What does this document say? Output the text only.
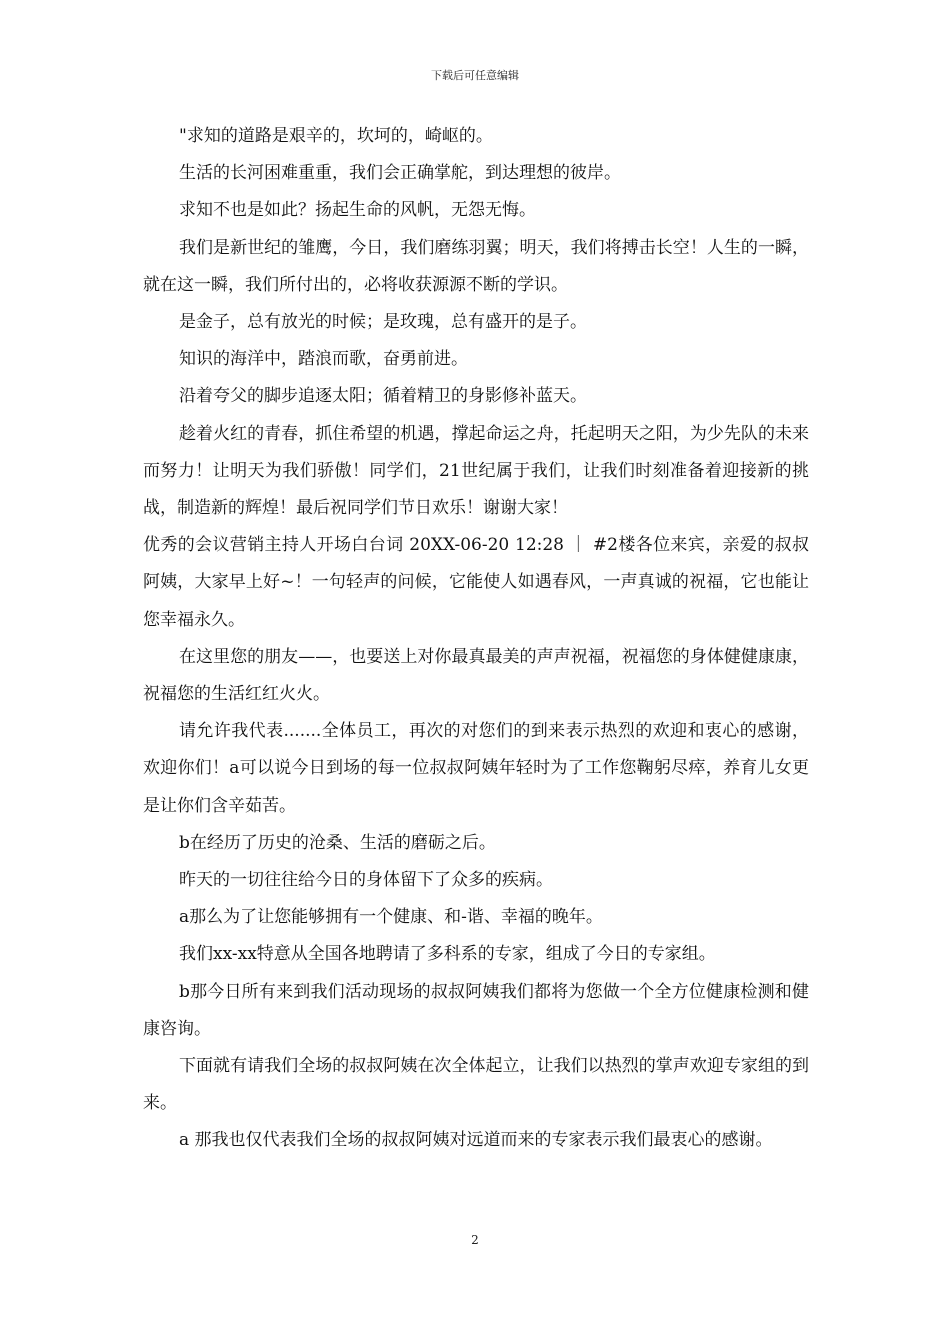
下载后可任意编辑

"求知的道路是艰辛的，坎坷的，崎岖的。

生活的长河困难重重，我们会正确掌舵，到达理想的彼岸。

求知不也是如此？扬起生命的风帆，无怨无悔。

我们是新世纪的雏鹰，今日，我们磨练羽翼；明天，我们将搏击长空！人生的一瞬，就在这一瞬，我们所付出的，必将收获源源不断的学识。

是金子，总有放光的时候；是玫瑰，总有盛开的是子。

知识的海洋中，踏浪而歌，奋勇前进。

沿着夸父的脚步追逐太阳；循着精卫的身影修补蓝天。

趁着火红的青春，抓住希望的机遇，撑起命运之舟，托起明天之阳，为少先队的未来而努力！让明天为我们骄傲！同学们，21世纪属于我们，让我们时刻准备着迎接新的挑战，制造新的辉煌！最后祝同学们节日欢乐！谢谢大家！

优秀的会议营销主持人开场白台词 20XX-06-20 12:28 ｜ #2楼各位来宾，亲爱的叔叔阿姨，大家早上好~！一句轻声的问候，它能使人如遇春风，一声真诚的祝福，它也能让您幸福永久。

在这里您的朋友——，也要送上对你最真最美的声声祝福，祝福您的身体健健康康，祝福您的生活红红火火。

请允许我代表.......全体员工，再次的对您们的到来表示热烈的欢迎和衷心的感谢，欢迎你们！a可以说今日到场的每一位叔叔阿姨年轻时为了工作您鞠躬尽瘁，养育儿女更是让你们含辛茹苦。

b在经历了历史的沧桑、生活的磨砺之后。

昨天的一切往往给今日的身体留下了众多的疾病。

a那么为了让您能够拥有一个健康、和-谐、幸福的晚年。

我们xx-xx特意从全国各地聘请了多科系的专家，组成了今日的专家组。

b那今日所有来到我们活动现场的叔叔阿姨我们都将为您做一个全方位健康检测和健康咨询。

下面就有请我们全场的叔叔阿姨在次全体起立，让我们以热烈的掌声欢迎专家组的到来。

a 那我也仅代表我们全场的叔叔阿姨对远道而来的专家表示我们最衷心的感谢。

2
